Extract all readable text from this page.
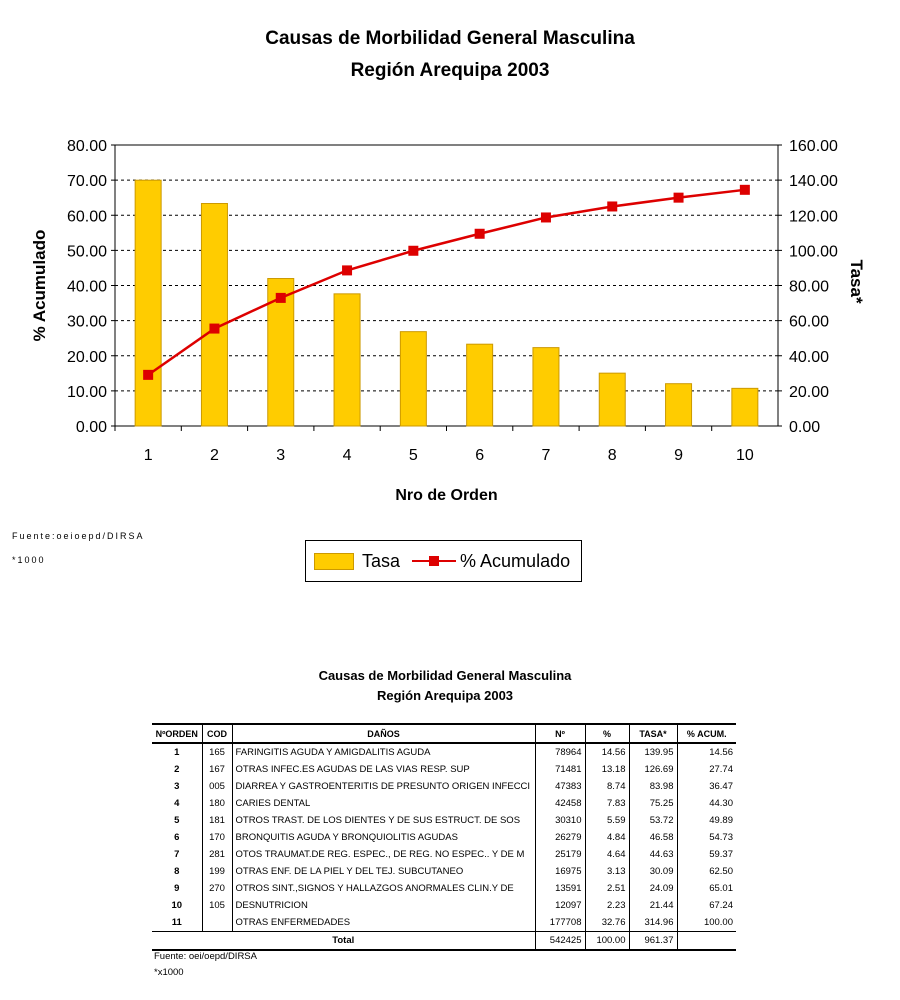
Causas de Morbilidad General Masculina
Región Arequipa 2003
0.00
10.00
20.00
30.00
40.00
50.00
60.00
70.00
80.00
0.00
20.00
40.00
60.00
80.00
100.00
120.00
140.00
160.00
1	2	3	4	5	6	7	8	9	10
Nro de Orden
% Acumulado	Tasa*
Fuente:oeioepd/DIRSA
*1000	Tasa	% Acumulado
Causas de Morbilidad General Masculina
Región Arequipa 2003
NºORDEN	COD	DAÑOS	Nº	%	TASA*	% ACUM.
1	165	FARINGITIS AGUDA Y AMIGDALITIS AGUDA	78964	14.56	139.95	14.56
2	167	OTRAS INFEC.ES AGUDAS DE LAS VIAS RESP. SUP	71481	13.18	126.69	27.74
3	005	DIARREA Y GASTROENTERITIS DE PRESUNTO ORIGEN INFECCI	47383	8.74	83.98	36.47
4	180	CARIES DENTAL	42458	7.83	75.25	44.30
5	181	OTROS TRAST. DE LOS DIENTES Y DE SUS ESTRUCT. DE SOS	30310	5.59	53.72	49.89
6	170	BRONQUITIS AGUDA Y BRONQUIOLITIS AGUDAS	26279	4.84	46.58	54.73
7	281	OTOS TRAUMAT.DE REG. ESPEC., DE REG. NO ESPEC.. Y DE M	25179	4.64	44.63	59.37
8	199	OTRAS ENF. DE LA PIEL Y DEL TEJ. SUBCUTANEO	16975	3.13	30.09	62.50
9	270	OTROS SINT.,SIGNOS Y HALLAZGOS ANORMALES CLIN.Y DE	13591	2.51	24.09	65.01
10	105	DESNUTRICION	12097	2.23	21.44	67.24
11		OTRAS ENFERMEDADES	177708	32.76	314.96	100.00
Total			542425	100.00	961.37	
Fuente: oei/oepd/DIRSA
*x1000
